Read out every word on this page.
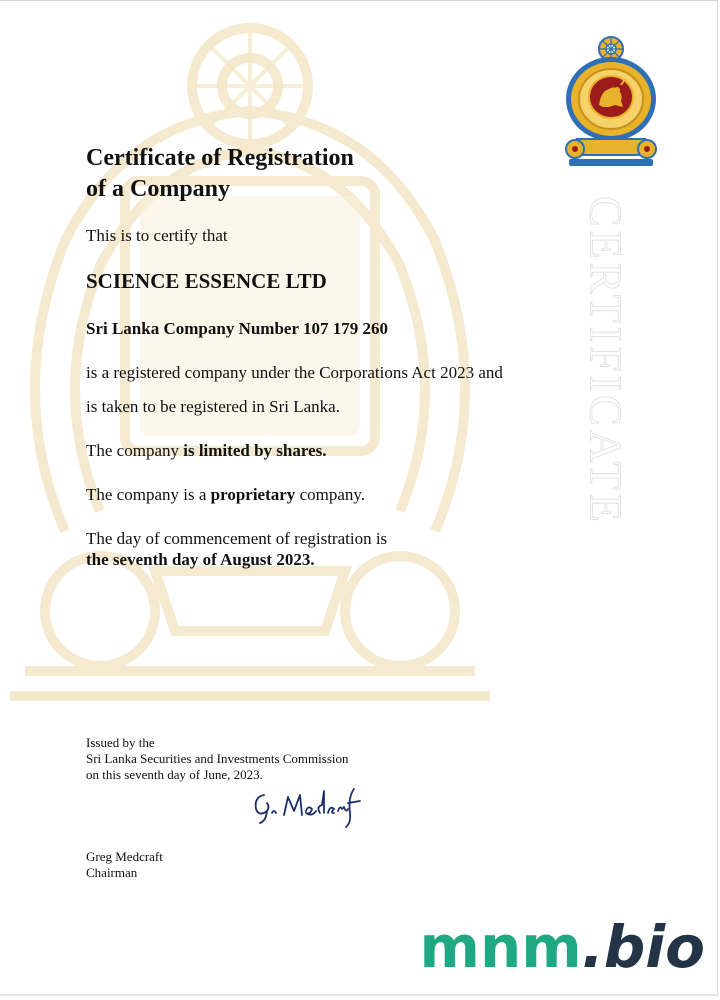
CERTIFICATE
Certificate of Registration
of a Company
This is to certify that
SCIENCE ESSENCE LTD
Sri Lanka Company Number 107 179 260
is a registered company under the Corporations Act 2023 and
is taken to be registered in Sri Lanka.
The company is limited by shares.
The company is a proprietary company.
The day of commencement of registration is
the seventh day of August 2023.
Issued by the
Sri Lanka Securities and Investments Commission
on this seventh day of June, 2023.
Greg Medcraft
Chairman
mnm.bio
